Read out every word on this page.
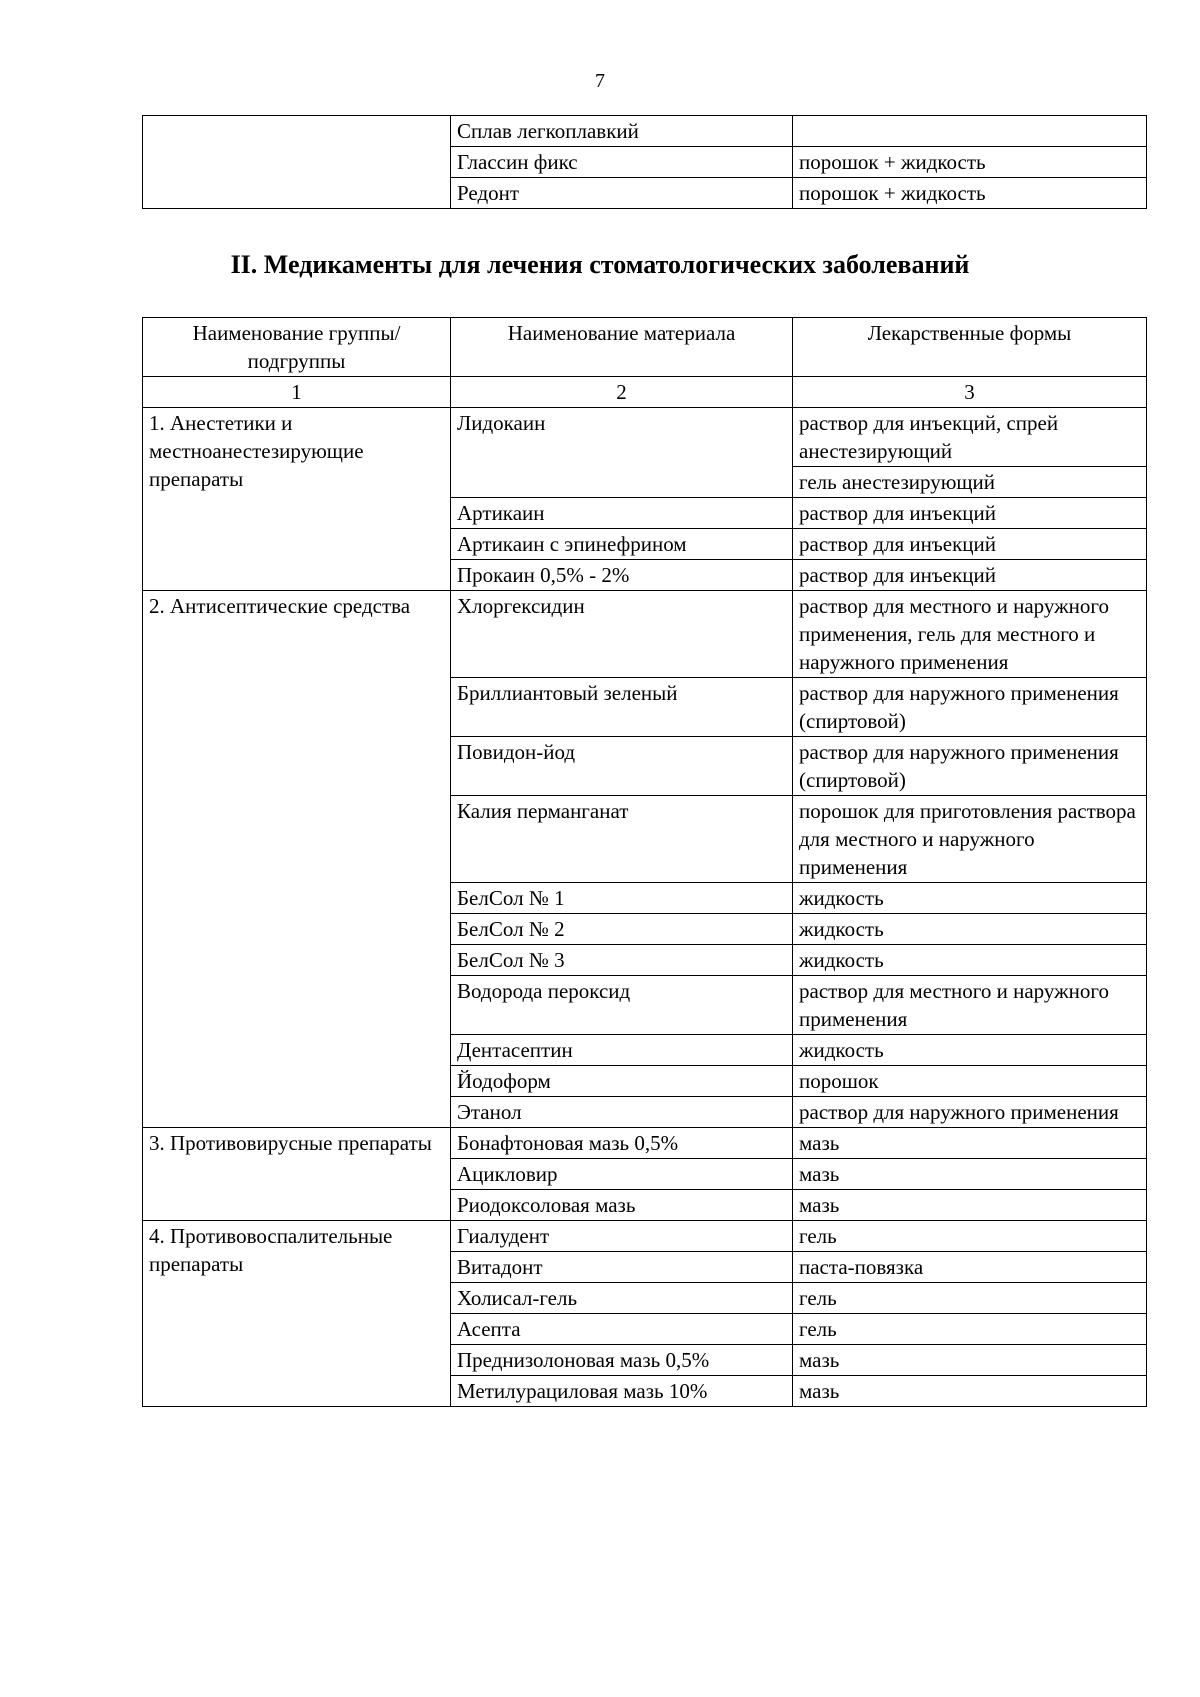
7
	Сплав легкоплавкий	
	Глассин фикс	порошок + жидкость
	Редонт	порошок + жидкость
II. Медикаменты для лечения стоматологических заболеваний
Наименование группы/подгруппы	Наименование материала	Лекарственные формы
1	2	3
1. Анестетики и местноанестезирующие препараты	Лидокаин	раствор для инъекций, спрей анестезирующий
		гель анестезирующий
	Артикаин	раствор для инъекций
	Артикаин с эпинефрином	раствор для инъекций
	Прокаин 0,5% - 2%	раствор для инъекций
2. Антисептические средства	Хлоргексидин	раствор для местного и наружного применения, гель для местного и наружного применения
	Бриллиантовый зеленый	раствор для наружного применения (спиртовой)
	Повидон-йод	раствор для наружного применения (спиртовой)
	Калия перманганат	порошок для приготовления раствора для местного и наружного применения
	БелСол № 1	жидкость
	БелСол № 2	жидкость
	БелСол № 3	жидкость
	Водорода пероксид	раствор для местного и наружного применения
	Дентасептин	жидкость
	Йодоформ	порошок
	Этанол	раствор для наружного применения
3. Противовирусные препараты	Бонафтоновая мазь 0,5%	мазь
	Ацикловир	мазь
	Риодоксоловая мазь	мазь
4. Противовоспалительные препараты	Гиалудент	гель
	Витадонт	паста-повязка
	Холисал-гель	гель
	Асепта	гель
	Преднизолоновая мазь 0,5%	мазь
	Метилурациловая мазь 10%	мазь
